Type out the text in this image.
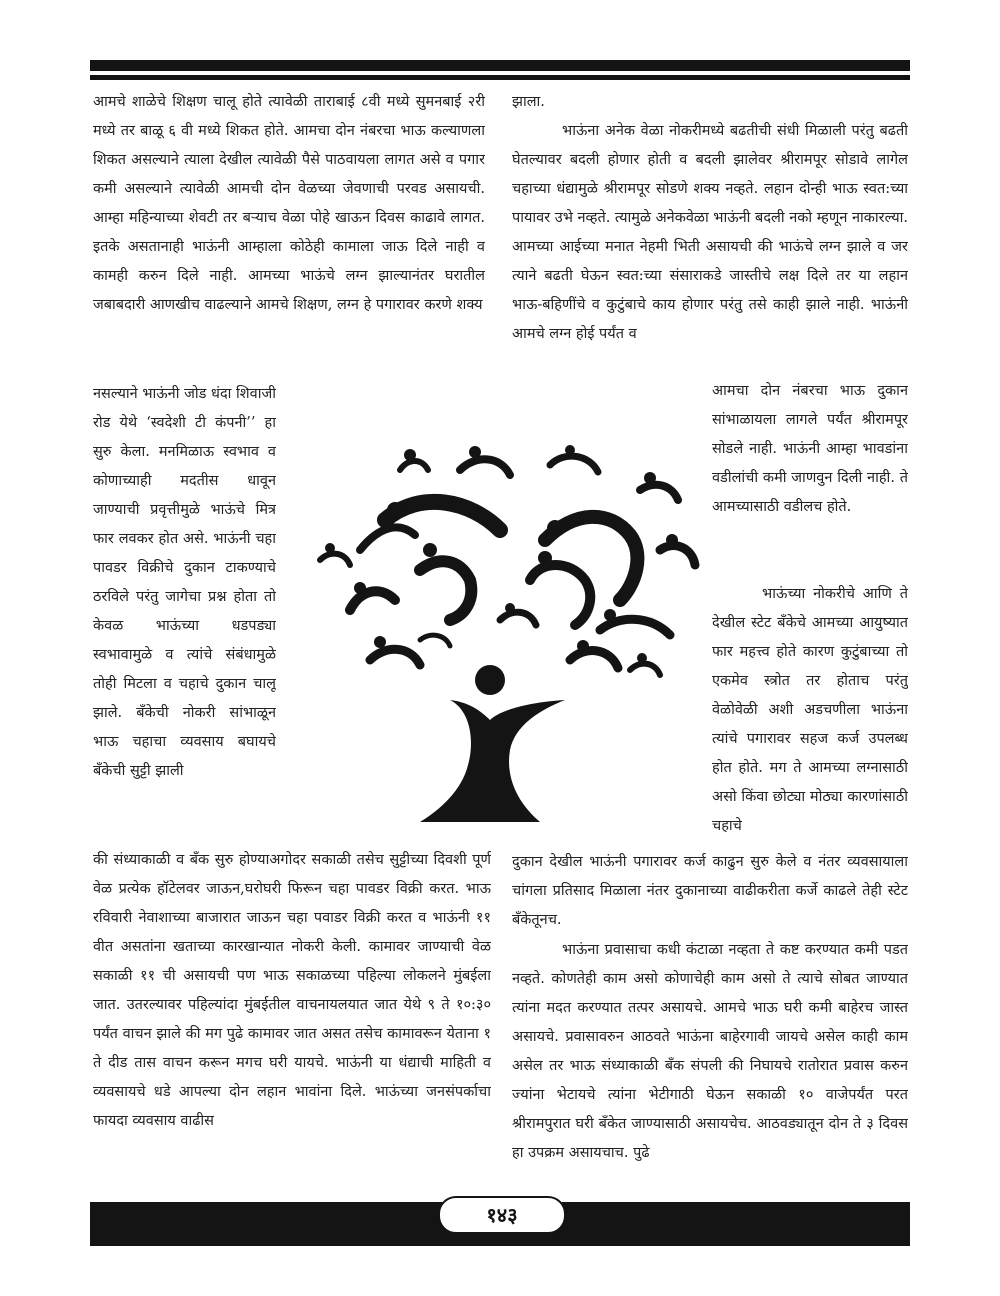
आमचे शाळेचे शिक्षण चालू होते त्यावेळी ताराबाई ८वी मध्ये सुमनबाई २री मध्ये तर बाळू ६ वी मध्ये शिकत होते. आमचा दोन नंबरचा भाऊ कल्याणला शिकत असल्याने त्याला देखील त्यावेळी पैसे पाठवायला लागत असे व पगार कमी असल्याने त्यावेळी आमची दोन वेळच्या जेवणाची परवड असायची. आम्हा महिन्याच्या शेवटी तर बऱ्याच वेळा पोहे खाऊन दिवस काढावे लागत. इतके असतानाही भाऊंनी आम्हाला कोठेही कामाला जाऊ दिले नाही व कामही करुन दिले नाही. आमच्या भाऊंचे लग्न झाल्यानंतर घरातील जबाबदारी आणखीच वाढल्याने आमचे शिक्षण, लग्न हे पगारावर करणे शक्य

नसल्याने भाऊंनी जोड धंदा शिवाजी रोड येथे ‘स्वदेशी टी कंपनी’’ हा सुरु केला. मनमिळाऊ स्वभाव व कोणाच्याही मदतीस धावून जाण्याची प्रवृत्तीमुळे भाऊंचे मित्र फार लवकर होत असे. भाऊंनी चहा पावडर विक्रीचे दुकान टाकण्याचे ठरविले परंतु जागेचा प्रश्न होता तो केवळ भाऊंच्या धडपड्या स्वभावामुळे व त्यांचे संबंधामुळे तोही मिटला व चहाचे दुकान चालू झाले. बँकेची नोकरी सांभाळून भाऊ चहाचा व्यवसाय बघायचे बँकेची सुट्टी झाली

की संध्याकाळी व बँक सुरु होण्याअगोदर सकाळी तसेच सुट्टीच्या दिवशी पूर्ण वेळ प्रत्येक हॉटेलवर जाऊन,घरोघरी फिरून चहा पावडर विक्री करत. भाऊ रविवारी नेवाशाच्या बाजारात जाऊन चहा पवाडर विक्री करत व भाऊंनी ११ वीत असतांना खताच्या कारखान्यात नोकरी केली. कामावर जाण्याची वेळ सकाळी ११ ची असायची पण भाऊ सकाळच्या पहिल्या लोकलने मुंबईला जात. उतरल्यावर पहिल्यांदा मुंबईतील वाचनायलयात जात येथे ९ ते १०:३० पर्यंत वाचन झाले की मग पुढे कामावर जात असत तसेच कामावरून येताना १ ते दीड तास वाचन करून मगच घरी यायचे. भाऊंनी या धंद्याची माहिती व व्यवसायचे धडे आपल्या दोन लहान भावांना दिले. भाऊंच्या जनसंपर्काचा फायदा व्यवसाय वाढीस

झाला.

भाऊंना अनेक वेळा नोकरीमध्ये बढतीची संधी मिळाली परंतु बढती घेतल्यावर बदली होणार होती व बदली झालेवर श्रीरामपूर सोडावे लागेल चहाच्या धंद्यामुळे श्रीरामपूर सोडणे शक्य नव्हते. लहान दोन्ही भाऊ स्वत:च्या पायावर उभे नव्हते. त्यामुळे अनेकवेळा भाऊंनी बदली नको म्हणून नाकारल्या. आमच्या आईच्या मनात नेहमी भिती असायची की भाऊंचे लग्न झाले व जर त्याने बढती घेऊन स्वत:च्या संसाराकडे जास्तीचे लक्ष दिले तर या लहान भाऊ-बहिणींचे व कुटुंबाचे काय होणार परंतु तसे काही झाले नाही. भाऊंनी आमचे लग्न होई पर्यंत व

आमचा दोन नंबरचा भाऊ दुकान सांभाळायला लागले पर्यंत श्रीरामपूर सोडले नाही. भाऊंनी आम्हा भावडांना वडीलांची कमी जाणवुन दिली नाही. ते आमच्यासाठी वडीलच होते.

भाऊंच्या नोकरीचे आणि ते देखील स्टेट बँकेचे आमच्या आयुष्यात फार महत्त्व होते कारण कुटुंबाच्या तो एकमेव स्त्रोत तर होताच परंतु वेळोवेळी अशी अडचणीला भाऊंना त्यांचे पगारावर सहज कर्ज उपलब्ध होत होते. मग ते आमच्या लग्नासाठी असो किंवा छोट्या मोठ्या कारणांसाठी चहाचे

दुकान देखील भाऊंनी पगारावर कर्ज काढुन सुरु केले व नंतर व्यवसायाला चांगला प्रतिसाद मिळाला नंतर दुकानाच्या वाढीकरीता कर्जे काढले तेही स्टेट बँकेतूनच.

भाऊंना प्रवासाचा कधी कंटाळा नव्हता ते कष्ट करण्यात कमी पडत नव्हते. कोणतेही काम असो कोणाचेही काम असो ते त्याचे सोबत जाण्यात त्यांना मदत करण्यात तत्पर असायचे. आमचे भाऊ घरी कमी बाहेरच जास्त असायचे. प्रवासावरुन आठवते भाऊंना बाहेरगावी जायचे असेल काही काम असेल तर भाऊ संध्याकाळी बँक संपली की निघायचे रातोरात प्रवास करुन ज्यांना भेटायचे त्यांना भेटीगाठी घेऊन सकाळी १० वाजेपर्यंत परत श्रीरामपुरात घरी बँकेत जाण्यासाठी असायचेच. आठवड्यातून दोन ते ३ दिवस हा उपक्रम असायचाच. पुढे

१४३
